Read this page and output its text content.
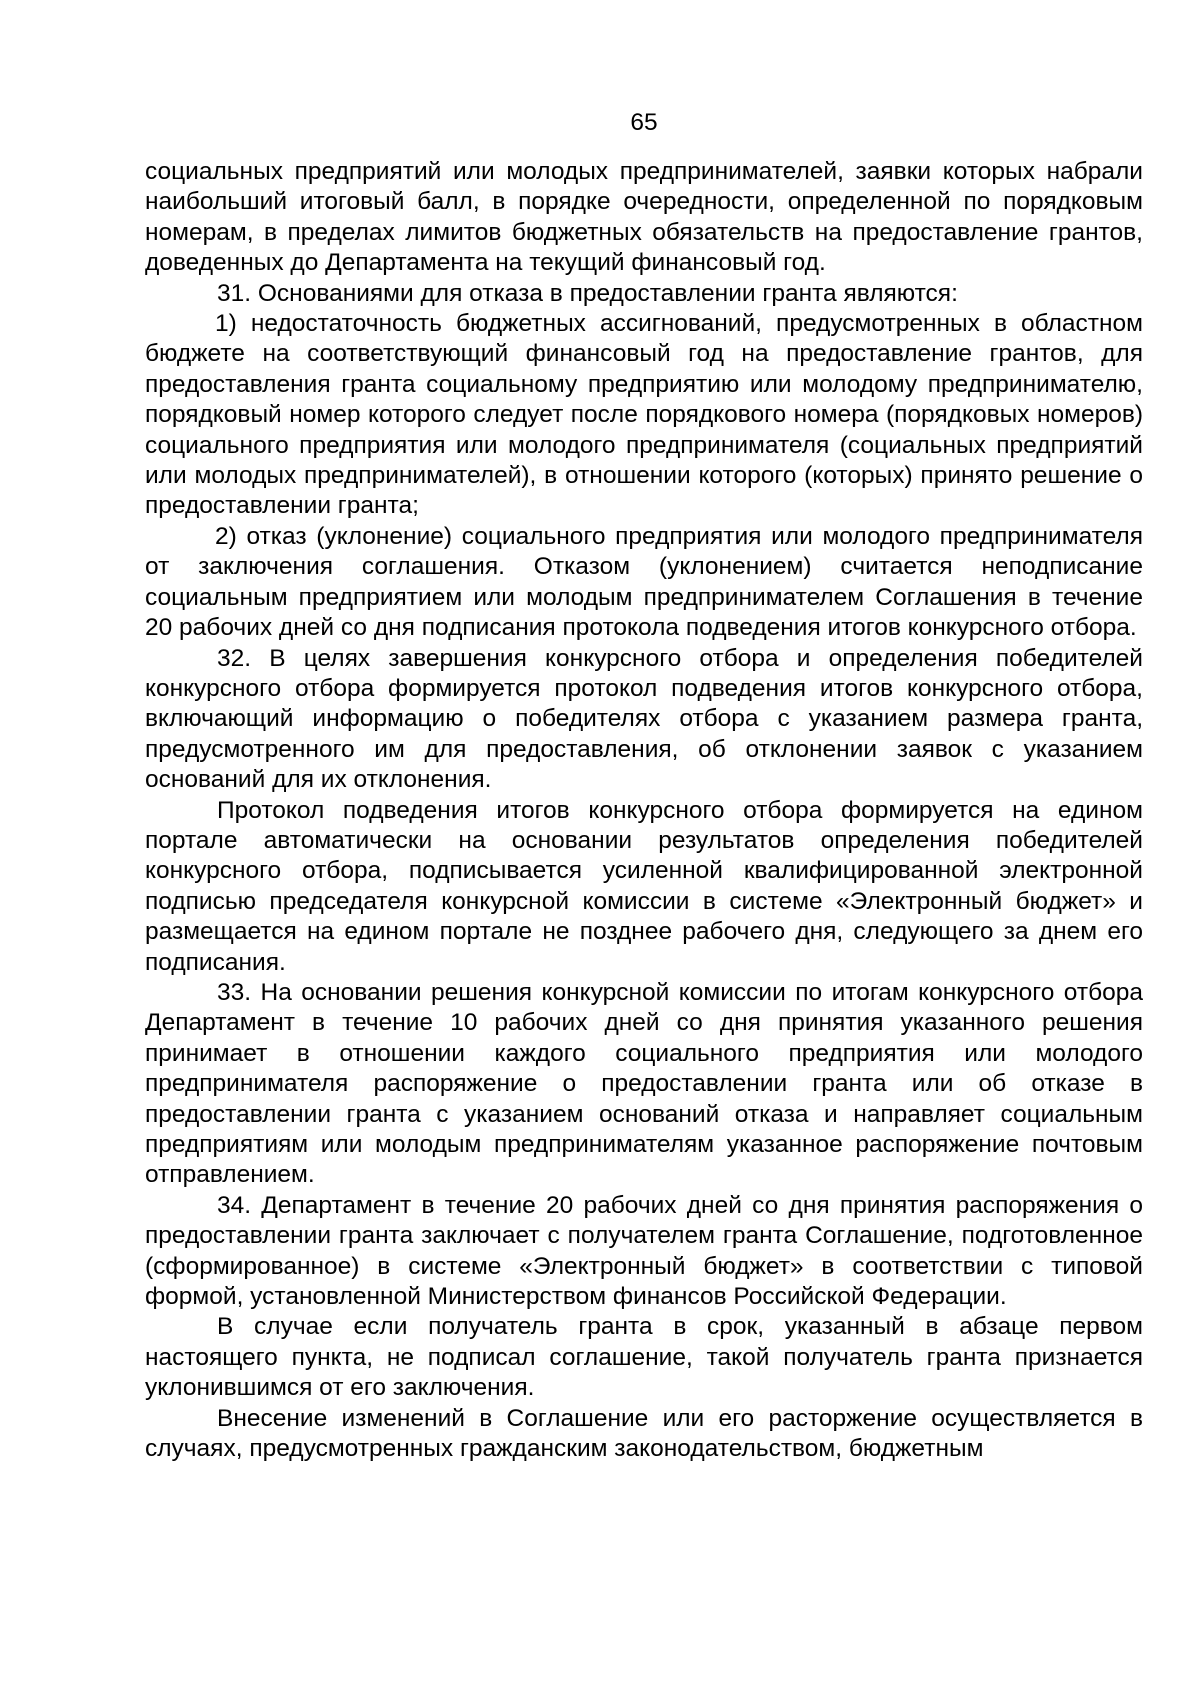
65

социальных предприятий или молодых предпринимателей, заявки которых набрали наибольший итоговый балл, в порядке очередности, определенной по порядковым номерам, в пределах лимитов бюджетных обязательств на предоставление грантов, доведенных до Департамента на текущий финансовый год.

31. Основаниями для отказа в предоставлении гранта являются:

1) недостаточность бюджетных ассигнований, предусмотренных в областном бюджете на соответствующий финансовый год на предоставление грантов, для предоставления гранта социальному предприятию или молодому предпринимателю, порядковый номер которого следует после порядкового номера (порядковых номеров) социального предприятия или молодого предпринимателя (социальных предприятий или молодых предпринимателей), в отношении которого (которых) принято решение о предоставлении гранта;

2) отказ (уклонение) социального предприятия или молодого предпринимателя от заключения соглашения. Отказом (уклонением) считается неподписание социальным предприятием или молодым предпринимателем Соглашения в течение 20 рабочих дней со дня подписания протокола подведения итогов конкурсного отбора.

32. В целях завершения конкурсного отбора и определения победителей конкурсного отбора формируется протокол подведения итогов конкурсного отбора, включающий информацию о победителях отбора с указанием размера гранта, предусмотренного им для предоставления, об отклонении заявок с указанием оснований для их отклонения.

Протокол подведения итогов конкурсного отбора формируется на едином портале автоматически на основании результатов определения победителей конкурсного отбора, подписывается усиленной квалифицированной электронной подписью председателя конкурсной комиссии в системе «Электронный бюджет» и размещается на едином портале не позднее рабочего дня, следующего за днем его подписания.

33. На основании решения конкурсной комиссии по итогам конкурсного отбора Департамент в течение 10 рабочих дней со дня принятия указанного решения принимает в отношении каждого социального предприятия или молодого предпринимателя распоряжение о предоставлении гранта или об отказе в предоставлении гранта с указанием оснований отказа и направляет социальным предприятиям или молодым предпринимателям указанное распоряжение почтовым отправлением.

34. Департамент в течение 20 рабочих дней со дня принятия распоряжения о предоставлении гранта заключает с получателем гранта Соглашение, подготовленное (сформированное) в системе «Электронный бюджет» в соответствии с типовой формой, установленной Министерством финансов Российской Федерации.

В случае если получатель гранта в срок, указанный в абзаце первом настоящего пункта, не подписал соглашение, такой получатель гранта признается уклонившимся от его заключения.

Внесение изменений в Соглашение или его расторжение осуществляется в случаях, предусмотренных гражданским законодательством, бюджетным
